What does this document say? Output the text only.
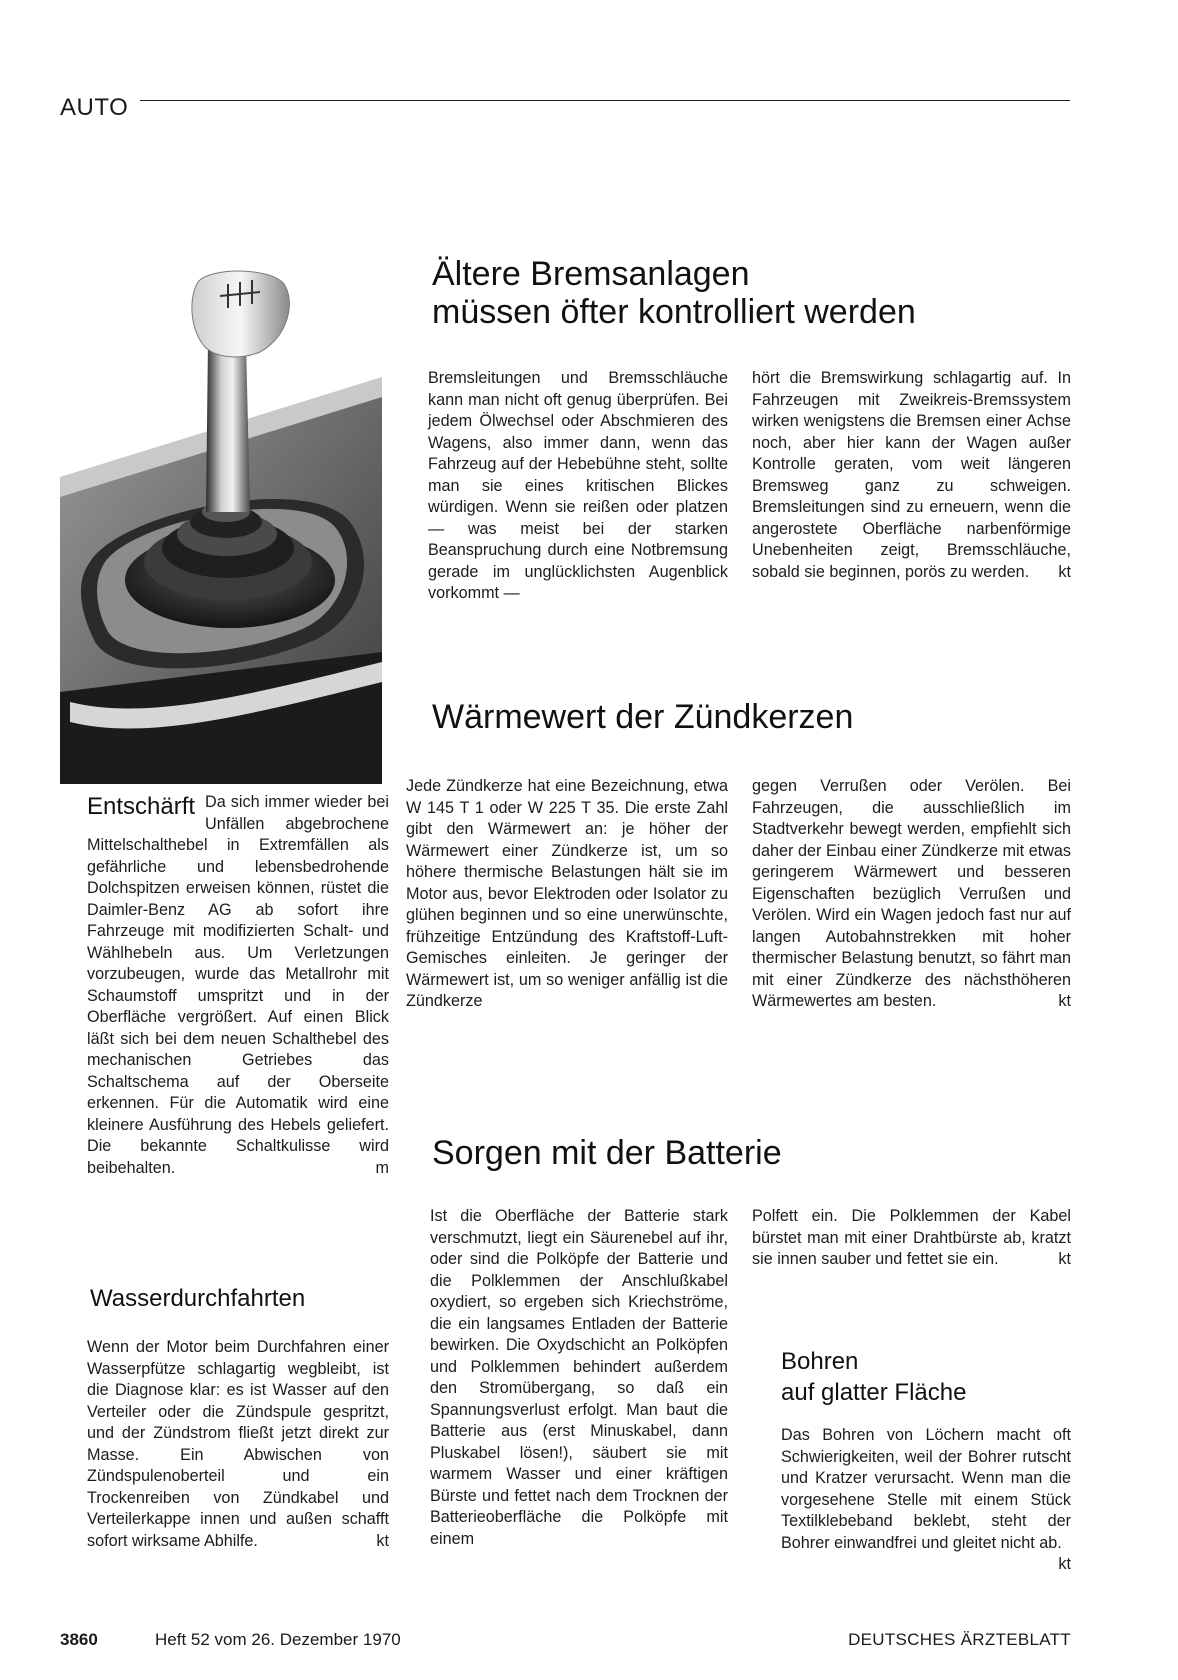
AUTO
Ältere Bremsanlagen
müssen öfter kontrolliert werden
Bremsleitungen und Bremsschläuche kann man nicht oft genug überprüfen. Bei jedem Ölwechsel oder Abschmieren des Wagens, also immer dann, wenn das Fahrzeug auf der Hebebühne steht, sollte man sie eines kritischen Blickes würdigen. Wenn sie reißen oder platzen — was meist bei der starken Beanspruchung durch eine Notbremsung gerade im unglücklichsten Augenblick vorkommt —
hört die Bremswirkung schlagartig auf. In Fahrzeugen mit Zweikreis-Bremssystem wirken wenigstens die Bremsen einer Achse noch, aber hier kann der Wagen außer Kontrolle geraten, vom weit längeren Bremsweg ganz zu schweigen. Bremsleitungen sind zu erneuern, wenn die angerostete Oberfläche narbenförmige Unebenheiten zeigt, Bremsschläuche, sobald sie beginnen, porös zu werden.	kt
Wärmewert der Zündkerzen
Jede Zündkerze hat eine Bezeichnung, etwa W 145 T 1 oder W 225 T 35. Die erste Zahl gibt den Wärmewert an: je höher der Wärmewert einer Zündkerze ist, um so höhere thermische Belastungen hält sie im Motor aus, bevor Elektroden oder Isolator zu glühen beginnen und so eine unerwünschte, frühzeitige Entzündung des Kraftstoff-Luft-Gemisches einleiten. Je geringer der Wärmewert ist, um so weniger anfällig ist die Zündkerze
gegen Verrußen oder Verölen. Bei Fahrzeugen, die ausschließlich im Stadtverkehr bewegt werden, empfiehlt sich daher der Einbau einer Zündkerze mit etwas geringerem Wärmewert und besseren Eigenschaften bezüglich Verrußen und Verölen. Wird ein Wagen jedoch fast nur auf langen Autobahnstrekken mit hoher thermischer Belastung benutzt, so fährt man mit einer Zündkerze des nächsthöheren Wärmewertes am besten.	kt
Sorgen mit der Batterie
Ist die Oberfläche der Batterie stark verschmutzt, liegt ein Säurenebel auf ihr, oder sind die Polköpfe der Batterie und die Polklemmen der Anschlußkabel oxydiert, so ergeben sich Kriechströme, die ein langsames Entladen der Batterie bewirken. Die Oxydschicht an Polköpfen und Polklemmen behindert außerdem den Stromübergang, so daß ein Spannungsverlust erfolgt. Man baut die Batterie aus (erst Minuskabel, dann Pluskabel lösen!), säubert sie mit warmem Wasser und einer kräftigen Bürste und fettet nach dem Trocknen der Batterieoberfläche die Polköpfe mit einem
Polfett ein. Die Polklemmen der Kabel bürstet man mit einer Drahtbürste ab, kratzt sie innen sauber und fettet sie ein.	kt
Bohren
auf glatter Fläche
Das Bohren von Löchern macht oft Schwierigkeiten, weil der Bohrer rutscht und Kratzer verursacht. Wenn man die vorgesehene Stelle mit einem Stück Textilklebeband beklebt, steht der Bohrer einwandfrei und gleitet nicht ab.
kt
Wasserdurchfahrten
Wenn der Motor beim Durchfahren einer Wasserpfütze schlagartig wegbleibt, ist die Diagnose klar: es ist Wasser auf den Verteiler oder die Zündspule gespritzt, und der Zündstrom fließt jetzt direkt zur Masse. Ein Abwischen von Zündspulenoberteil und ein Trockenreiben von Zündkabel und Verteilerkappe innen und außen schafft sofort wirksame Abhilfe.	kt
Entschärft Da sich immer wieder bei Unfällen abgebrochene Mittelschalthebel in Extremfällen als gefährliche und lebensbedrohende Dolchspitzen erweisen können, rüstet die Daimler-Benz AG ab sofort ihre Fahrzeuge mit modifizierten Schalt- und Wählhebeln aus. Um Verletzungen vorzubeugen, wurde das Metallrohr mit Schaumstoff umspritzt und in der Oberfläche vergrößert. Auf einen Blick läßt sich bei dem neuen Schalthebel des mechanischen Getriebes das Schaltschema auf der Oberseite erkennen. Für die Automatik wird eine kleinere Ausführung des Hebels geliefert. Die bekannte Schaltkulisse wird beibehalten.	m
3860	Heft 52 vom 26. Dezember 1970	DEUTSCHES ÄRZTEBLATT
